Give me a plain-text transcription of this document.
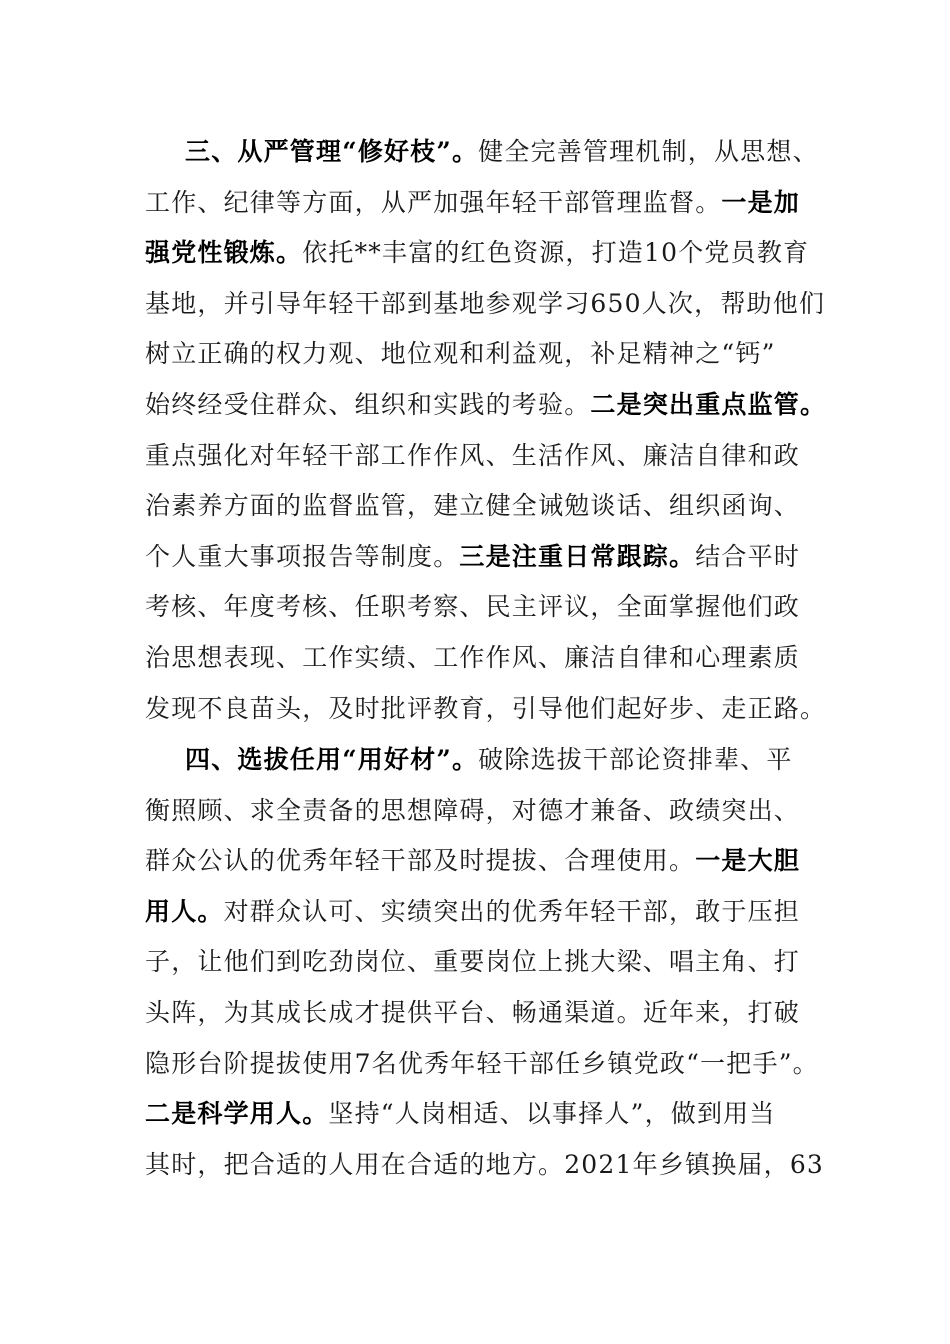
三、从严管理“修好枝”。健全完善管理机制，从思想、
工作、纪律等方面，从严加强年轻干部管理监督。一是加
强党性锻炼。依托**丰富的红色资源，打造10个党员教育
基地，并引导年轻干部到基地参观学习650人次，帮助他们
树立正确的权力观、地位观和利益观，补足精神之“钙”
始终经受住群众、组织和实践的考验。二是突出重点监管。
重点强化对年轻干部工作作风、生活作风、廉洁自律和政
治素养方面的监督监管，建立健全诫勉谈话、组织函询、
个人重大事项报告等制度。三是注重日常跟踪。结合平时
考核、年度考核、任职考察、民主评议，全面掌握他们政
治思想表现、工作实绩、工作作风、廉洁自律和心理素质
发现不良苗头，及时批评教育，引导他们起好步、走正路。
四、选拔任用“用好材”。破除选拔干部论资排辈、平
衡照顾、求全责备的思想障碍，对德才兼备、政绩突出、
群众公认的优秀年轻干部及时提拔、合理使用。一是大胆
用人。对群众认可、实绩突出的优秀年轻干部，敢于压担
子，让他们到吃劲岗位、重要岗位上挑大梁、唱主角、打
头阵，为其成长成才提供平台、畅通渠道。近年来，打破
隐形台阶提拔使用7名优秀年轻干部任乡镇党政“一把手”。
二是科学用人。坚持“人岗相适、以事择人”，做到用当
其时，把合适的人用在合适的地方。2021年乡镇换届，63
